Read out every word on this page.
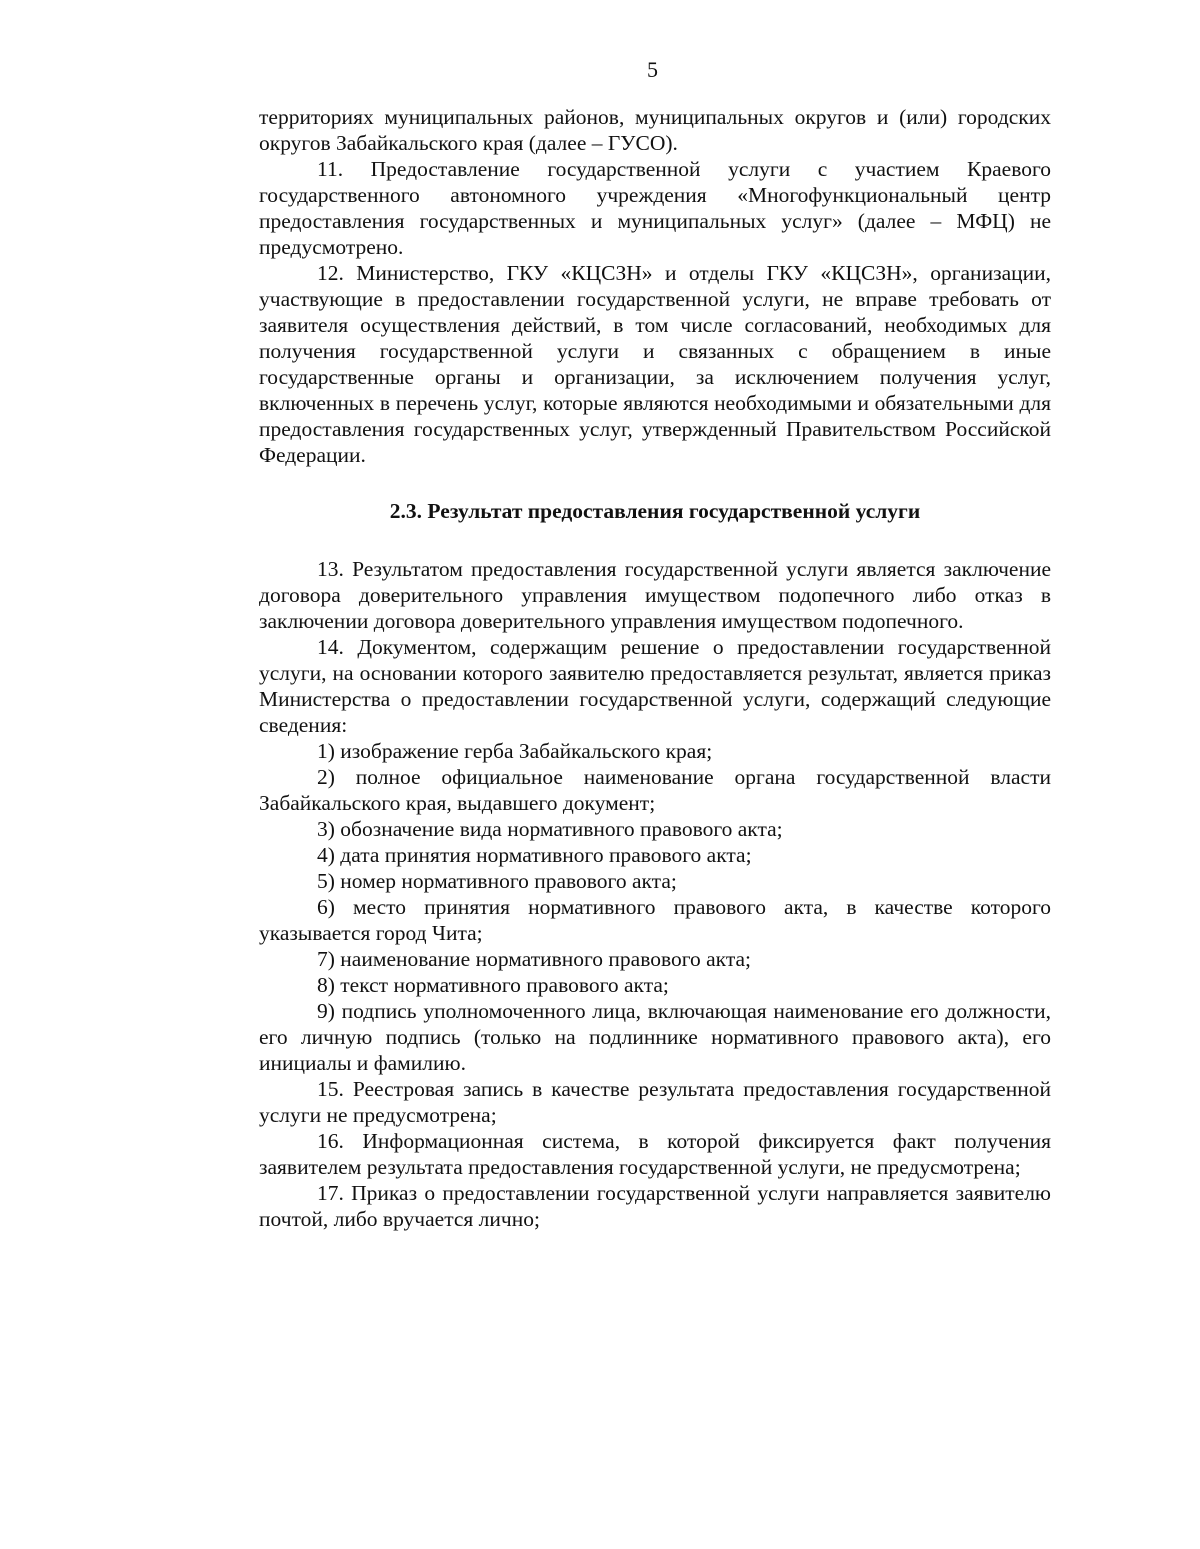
5

территориях муниципальных районов, муниципальных округов и (или) городских округов Забайкальского края (далее – ГУСО).

11. Предоставление государственной услуги с участием Краевого государственного автономного учреждения «Многофункциональный центр предоставления государственных и муниципальных услуг» (далее – МФЦ) не предусмотрено.

12. Министерство, ГКУ «КЦСЗН» и отделы ГКУ «КЦСЗН», организации, участвующие в предоставлении государственной услуги, не вправе требовать от заявителя осуществления действий, в том числе согласований, необходимых для получения государственной услуги и связанных с обращением в иные государственные органы и организации, за исключением получения услуг, включенных в перечень услуг, которые являются необходимыми и обязательными для предоставления государственных услуг, утвержденный Правительством Российской Федерации.

2.3. Результат предоставления государственной услуги

13. Результатом предоставления государственной услуги является заключение договора доверительного управления имуществом подопечного либо отказ в заключении договора доверительного управления имуществом подопечного.

14. Документом, содержащим решение о предоставлении государственной услуги, на основании которого заявителю предоставляется результат, является приказ Министерства о предоставлении государственной услуги, содержащий следующие сведения:

1) изображение герба Забайкальского края;

2) полное официальное наименование органа государственной власти Забайкальского края, выдавшего документ;

3) обозначение вида нормативного правового акта;

4) дата принятия нормативного правового акта;

5) номер нормативного правового акта;

6) место принятия нормативного правового акта, в качестве которого указывается город Чита;

7) наименование нормативного правового акта;

8) текст нормативного правового акта;

9) подпись уполномоченного лица, включающая наименование его должности, его личную подпись (только на подлиннике нормативного правового акта), его инициалы и фамилию.

15. Реестровая запись в качестве результата предоставления государственной услуги не предусмотрена;

16. Информационная система, в которой фиксируется факт получения заявителем результата предоставления государственной услуги, не предусмотрена;

17. Приказ о предоставлении государственной услуги направляется заявителю почтой, либо вручается лично;
